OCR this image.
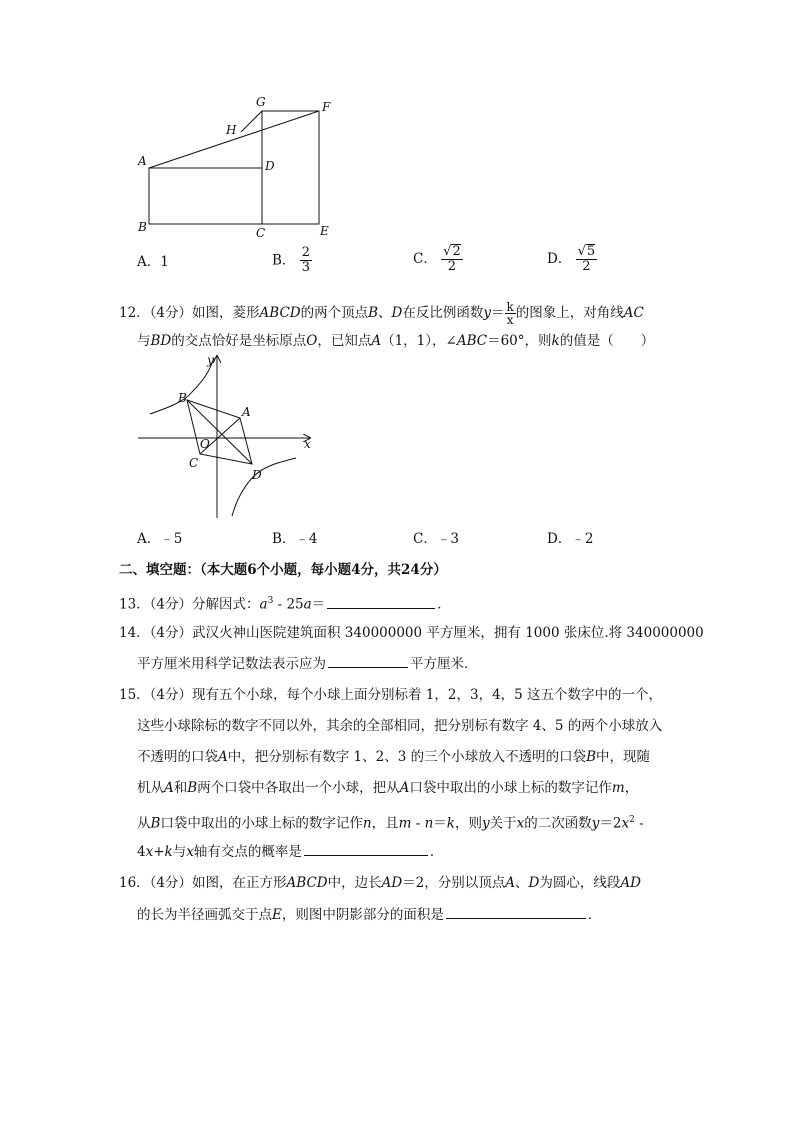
G	F
H
A	D
B	C	E
A．1	B． $\frac{2}{3}$	C． $\frac{√2}{2}$	D． $\frac{√5}{2}$
12．（4分）如图，菱形ABCD的两个顶点B、D在反比例函数$y= \frac{k}{x}$ 的图象上，对角线AC
与BD的交点恰好是坐标原点O，已知点A（1，1），∠ABC＝60°，则k的值是（　　）
y
x
B
A
O
C
D
A．﹣5	B．﹣4	C．﹣3	D．﹣2
二、填空题：（本大题6个小题，每小题4分，共24分）
13．（4分）分解因式：$a^3 - 25a=$	．
14．（4分）武汉火神山医院建筑面积 340000000 平方厘米，拥有 1000 张床位.将 340000000
平方厘米用科学记数法表示应为	平方厘米．
15．（4分）现有五个小球，每个小球上面分别标着 1，2，3，4，5 这五个数字中的一个，
这些小球除标的数字不同以外，其余的全部相同，把分别标有数字 4、5 的两个小球放入
不透明的口袋A中，把分别标有数字 1、2、3 的三个小球放入不透明的口袋B中，现随
机从A和B两个口袋中各取出一个小球，把从A口袋中取出的小球上标的数字记作m，
从B口袋中取出的小球上标的数字记作n，且m - n＝k，则y关于x的二次函数$y=2x^2$ -
4x+k与x轴有交点的概率是	．
16．（4分）如图，在正方形ABCD中，边长AD＝2，分别以顶点A、D为圆心，线段AD
的长为半径画弧交于点E，则图中阴影部分的面积是	．
